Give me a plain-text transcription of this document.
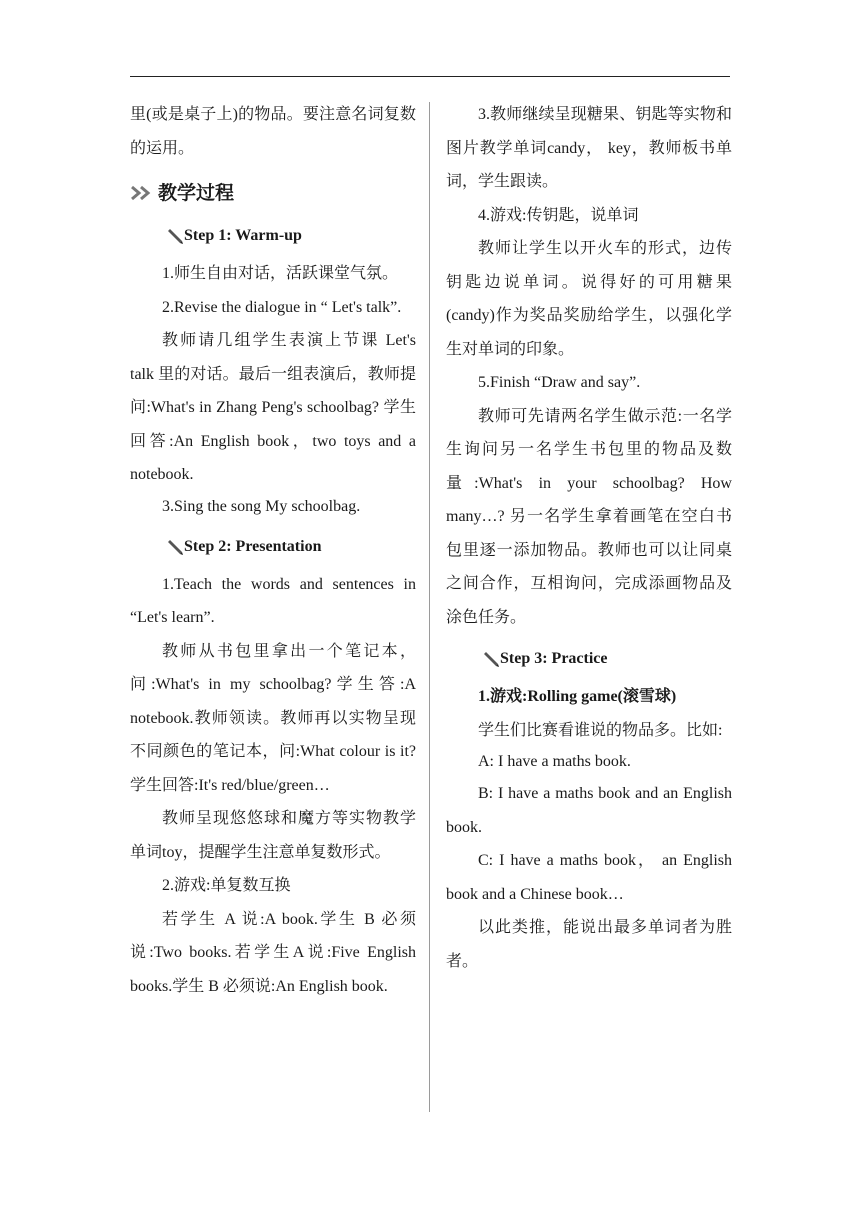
里(或是桌子上)的物品。要注意名词复数的运用。

教学过程
Step 1: Warm-up

1.师生自由对话，活跃课堂气氛。

2.Revise the dialogue in “ Let's talk”.

教师请几组学生表演上节课 Let's talk 里的对话。最后一组表演后，教师提问:What's in Zhang Peng's schoolbag? 学生回答:An English book，two toys and a notebook.

3.Sing the song My schoolbag.

Step 2: Presentation

1.Teach the words and sentences in “Let's learn”.

教师从书包里拿出一个笔记本，问:What's in my schoolbag?学生答:A notebook.教师领读。教师再以实物呈现不同颜色的笔记本，问:What colour is it?学生回答:It's red/blue/green…

教师呈现悠悠球和魔方等实物教学单词toy，提醒学生注意单复数形式。

2.游戏:单复数互换

若学生 A 说:A book.学生 B 必须说:Two books.若学生A说:Five English books.学生 B 必须说:An English book.

3.教师继续呈现糖果、钥匙等实物和图片教学单词candy， key，教师板书单词，学生跟读。

4.游戏:传钥匙，说单词

教师让学生以开火车的形式，边传钥匙边说单词。说得好的可用糖果(candy)作为奖品奖励给学生，以强化学生对单词的印象。

5.Finish “Draw and say”.

教师可先请两名学生做示范:一名学生询问另一名学生书包里的物品及数量:What's in your schoolbag? How many…? 另一名学生拿着画笔在空白书包里逐一添加物品。教师也可以让同桌之间合作，互相询问，完成添画物品及涂色任务。

Step 3: Practice

1.游戏:Rolling game(滚雪球)

学生们比赛看谁说的物品多。比如:

A: I have a maths book.

B: I have a maths book and an English book.

C: I have a maths book， an English book and a Chinese book…

以此类推，能说出最多单词者为胜者。
